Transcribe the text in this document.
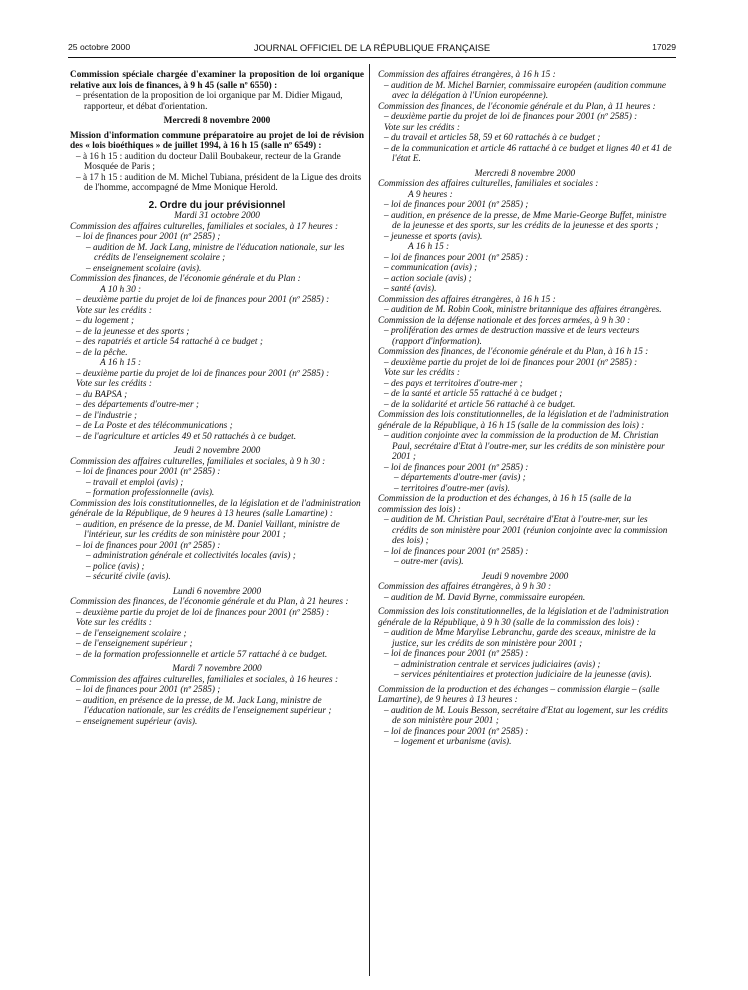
25 octobre 2000	JOURNAL OFFICIEL DE LA RÉPUBLIQUE FRANÇAISE	17029

Commission spéciale chargée d'examiner la proposition de loi organique relative aux lois de finances, à 9 h 45 (salle nº 6550) :

– présentation de la proposition de loi organique par M. Didier Migaud, rapporteur, et débat d'orientation.

Mercredi 8 novembre 2000

Mission d'information commune préparatoire au projet de loi de révision des « lois bioéthiques » de juillet 1994, à 16 h 15 (salle nº 6549) :

– à 16 h 15 : audition du docteur Dalil Boubakeur, recteur de la Grande Mosquée de Paris ;

– à 17 h 15 : audition de M. Michel Tubiana, président de la Ligue des droits de l'homme, accompagné de Mme Monique Herold.

2. Ordre du jour prévisionnel

Mardi 31 octobre 2000

Commission des affaires culturelles, familiales et sociales, à 17 heures :

– loi de finances pour 2001 (nº 2585) ;

– audition de M. Jack Lang, ministre de l'éducation nationale, sur les crédits de l'enseignement scolaire ;

– enseignement scolaire (avis).

Commission des finances, de l'économie générale et du Plan :

A 10 h 30 :

– deuxième partie du projet de loi de finances pour 2001 (nº 2585) :

Vote sur les crédits :

– du logement ;

– de la jeunesse et des sports ;

– des rapatriés et article 54 rattaché à ce budget ;

– de la pêche.

A 16 h 15 :

– deuxième partie du projet de loi de finances pour 2001 (nº 2585) :

Vote sur les crédits :

– du BAPSA ;

– des départements d'outre-mer ;

– de l'industrie ;

– de La Poste et des télécommunications ;

– de l'agriculture et articles 49 et 50 rattachés à ce budget.

Jeudi 2 novembre 2000

Commission des affaires culturelles, familiales et sociales, à 9 h 30 :

– loi de finances pour 2001 (nº 2585) :

– travail et emploi (avis) ;

– formation professionnelle (avis).

Commission des lois constitutionnelles, de la législation et de l'administration générale de la République, de 9 heures à 13 heures (salle Lamartine) :

– audition, en présence de la presse, de M. Daniel Vaillant, ministre de l'intérieur, sur les crédits de son ministère pour 2001 ;

– loi de finances pour 2001 (nº 2585) :

– administration générale et collectivités locales (avis) ;

– police (avis) ;

– sécurité civile (avis).

Lundi 6 novembre 2000

Commission des finances, de l'économie générale et du Plan, à 21 heures :

– deuxième partie du projet de loi de finances pour 2001 (nº 2585) :

Vote sur les crédits :

– de l'enseignement scolaire ;

– de l'enseignement supérieur ;

– de la formation professionnelle et article 57 rattaché à ce budget.

Mardi 7 novembre 2000

Commission des affaires culturelles, familiales et sociales, à 16 heures :

– loi de finances pour 2001 (nº 2585) ;

– audition, en présence de la presse, de M. Jack Lang, ministre de l'éducation nationale, sur les crédits de l'enseignement supérieur ;

– enseignement supérieur (avis).

Commission des affaires étrangères, à 16 h 15 :

– audition de M. Michel Barnier, commissaire européen (audition commune avec la délégation à l'Union européenne).

Commission des finances, de l'économie générale et du Plan, à 11 heures :

– deuxième partie du projet de loi de finances pour 2001 (nº 2585) :

Vote sur les crédits :

– du travail et articles 58, 59 et 60 rattachés à ce budget ;

– de la communication et article 46 rattaché à ce budget et lignes 40 et 41 de l'état E.

Mercredi 8 novembre 2000

Commission des affaires culturelles, familiales et sociales :

A 9 heures :

– loi de finances pour 2001 (nº 2585) ;

– audition, en présence de la presse, de Mme Marie-George Buffet, ministre de la jeunesse et des sports, sur les crédits de la jeunesse et des sports ;

– jeunesse et sports (avis).

A 16 h 15 :

– loi de finances pour 2001 (nº 2585) :

– communication (avis) ;

– action sociale (avis) ;

– santé (avis).

Commission des affaires étrangères, à 16 h 15 :

– audition de M. Robin Cook, ministre britannique des affaires étrangères.

Commission de la défense nationale et des forces armées, à 9 h 30 :

– prolifération des armes de destruction massive et de leurs vecteurs (rapport d'information).

Commission des finances, de l'économie générale et du Plan, à 16 h 15 :

– deuxième partie du projet de loi de finances pour 2001 (nº 2585) :

Vote sur les crédits :

– des pays et territoires d'outre-mer ;

– de la santé et article 55 rattaché à ce budget ;

– de la solidarité et article 56 rattaché à ce budget.

Commission des lois constitutionnelles, de la législation et de l'administration générale de la République, à 16 h 15 (salle de la commission des lois) :

– audition conjointe avec la commission de la production de M. Christian Paul, secrétaire d'Etat à l'outre-mer, sur les crédits de son ministère pour 2001 ;

– loi de finances pour 2001 (nº 2585) :

– départements d'outre-mer (avis) ;

– territoires d'outre-mer (avis).

Commission de la production et des échanges, à 16 h 15 (salle de la commission des lois) :

– audition de M. Christian Paul, secrétaire d'Etat à l'outre-mer, sur les crédits de son ministère pour 2001 (réunion conjointe avec la commission des lois) ;

– loi de finances pour 2001 (nº 2585) :

– outre-mer (avis).

Jeudi 9 novembre 2000

Commission des affaires étrangères, à 9 h 30 :

– audition de M. David Byrne, commissaire européen.

Commission des lois constitutionnelles, de la législation et de l'administration générale de la République, à 9 h 30 (salle de la commission des lois) :

– audition de Mme Marylise Lebranchu, garde des sceaux, ministre de la justice, sur les crédits de son ministère pour 2001 ;

– loi de finances pour 2001 (nº 2585) :

– administration centrale et services judiciaires (avis) ;

– services pénitentiaires et protection judiciaire de la jeunesse (avis).

Commission de la production et des échanges – commission élargie – (salle Lamartine), de 9 heures à 13 heures :

– audition de M. Louis Besson, secrétaire d'Etat au logement, sur les crédits de son ministère pour 2001 ;

– loi de finances pour 2001 (nº 2585) :

– logement et urbanisme (avis).
